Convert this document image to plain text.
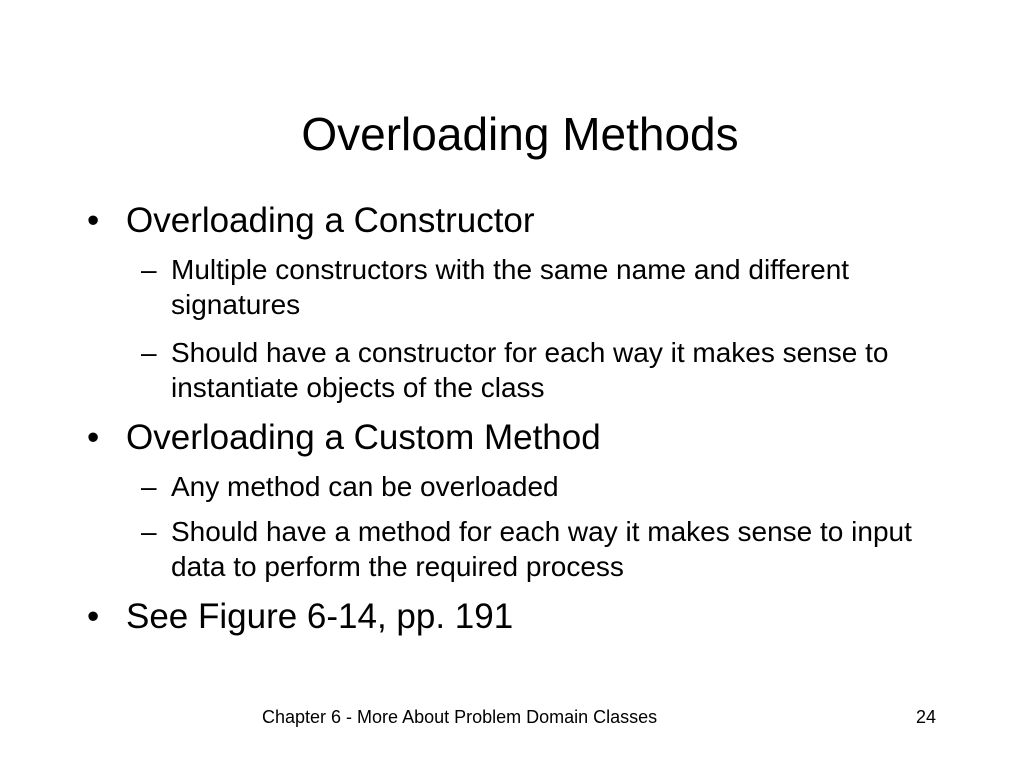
Overloading Methods
• Overloading a Constructor
– Multiple constructors with the same name and different signatures
– Should have a constructor for each way it makes sense to instantiate objects of the class
• Overloading a Custom Method
– Any method can be overloaded
– Should have a method for each way it makes sense to input data to perform the required process
• See Figure 6-14, pp. 191
Chapter 6 - More About Problem Domain Classes	24
